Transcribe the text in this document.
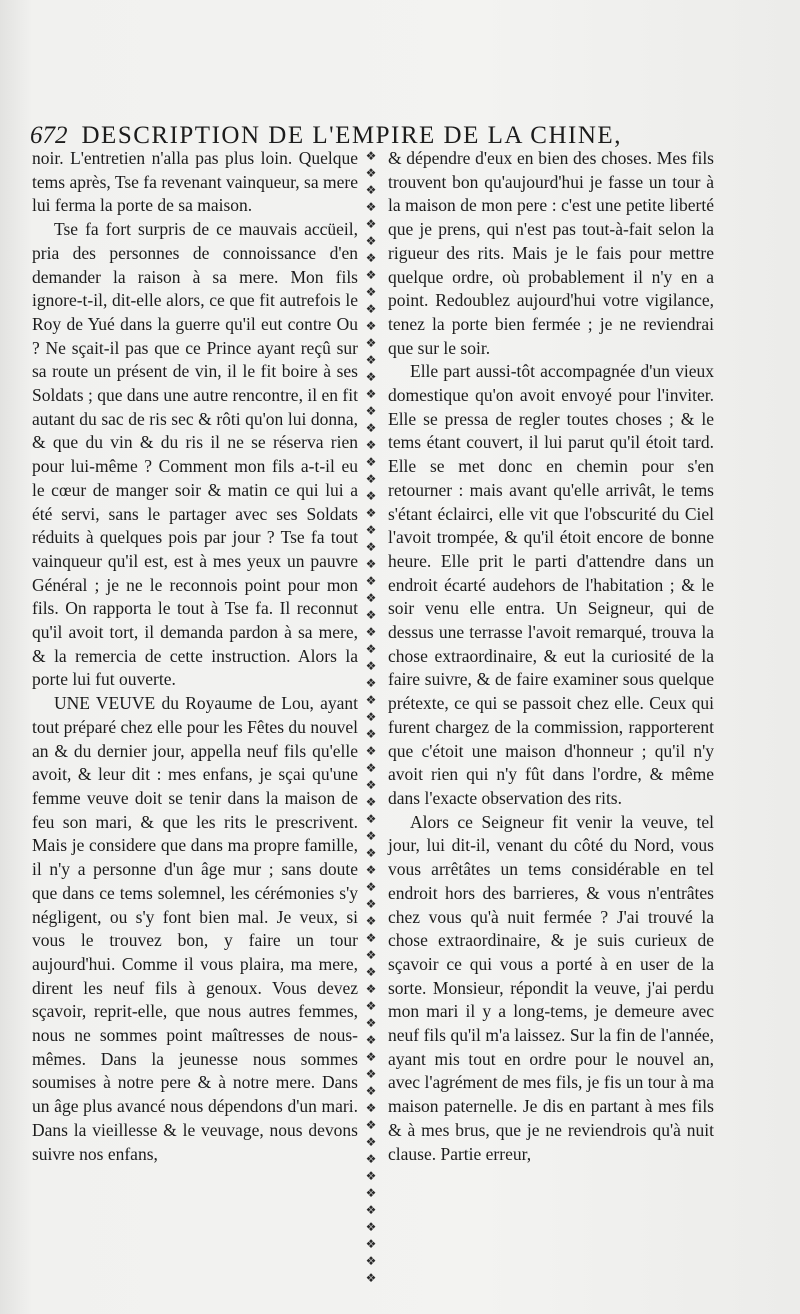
672 DESCRIPTION DE L'EMPIRE DE LA CHINE,

noir. L'entretien n'alla pas plus loin. Quelque tems après, Tse fa revenant vainqueur, sa mere lui ferma la porte de sa maison.

Tse fa fort surpris de ce mauvais accüeil, pria des personnes de connoissance d'en demander la raison à sa mere. Mon fils ignore-t-il, dit-elle alors, ce que fit autrefois le Roy de Yué dans la guerre qu'il eut contre Ou ? Ne sçait-il pas que ce Prince ayant reçû sur sa route un présent de vin, il le fit boire à ses Soldats ; que dans une autre rencontre, il en fit autant du sac de ris sec & rôti qu'on lui donna, & que du vin & du ris il ne se réserva rien pour lui-même ? Comment mon fils a-t-il eu le cœur de manger soir & matin ce qui lui a été servi, sans le partager avec ses Soldats réduits à quelques pois par jour ? Tse fa tout vainqueur qu'il est, est à mes yeux un pauvre Général ; je ne le reconnois point pour mon fils. On rapporta le tout à Tse fa. Il reconnut qu'il avoit tort, il demanda pardon à sa mere, & la remercia de cette instruction. Alors la porte lui fut ouverte.

UNE VEUVE du Royaume de Lou, ayant tout préparé chez elle pour les Fêtes du nouvel an & du dernier jour, appella neuf fils qu'elle avoit, & leur dit : mes enfans, je sçai qu'une femme veuve doit se tenir dans la maison de feu son mari, & que les rits le prescrivent. Mais je considere que dans ma propre famille, il n'y a personne d'un âge mur ; sans doute que dans ce tems solemnel, les cérémonies s'y négligent, ou s'y font bien mal. Je veux, si vous le trouvez bon, y faire un tour aujourd'hui. Comme il vous plaira, ma mere, dirent les neuf fils à genoux. Vous devez sçavoir, reprit-elle, que nous autres femmes, nous ne sommes point maîtresses de nous-mêmes. Dans la jeunesse nous sommes soumises à notre pere & à notre mere. Dans un âge plus avancé nous dépendons d'un mari. Dans la vieillesse & le veuvage, nous devons suivre nos enfans,

❖
❖
❖
❖
❖
❖
❖
❖
❖
❖
❖
❖
❖
❖
❖
❖
❖
❖
❖
❖
❖
❖
❖
❖
❖
❖
❖
❖
❖
❖
❖
❖
❖
❖
❖
❖
❖
❖
❖
❖
❖
❖
❖
❖
❖
❖
❖
❖
❖
❖
❖
❖
❖
❖
❖
❖
❖
❖
❖
❖
❖
❖
❖
❖
❖
❖
❖

& dépendre d'eux en bien des choses. Mes fils trouvent bon qu'aujourd'hui je fasse un tour à la maison de mon pere : c'est une petite liberté que je prens, qui n'est pas tout-à-fait selon la rigueur des rits. Mais je le fais pour mettre quelque ordre, où probablement il n'y en a point. Redoublez aujourd'hui votre vigilance, tenez la porte bien fermée ; je ne reviendrai que sur le soir.

Elle part aussi-tôt accompagnée d'un vieux domestique qu'on avoit envoyé pour l'inviter. Elle se pressa de regler toutes choses ; & le tems étant couvert, il lui parut qu'il étoit tard. Elle se met donc en chemin pour s'en retourner : mais avant qu'elle arrivât, le tems s'étant éclairci, elle vit que l'obscurité du Ciel l'avoit trompée, & qu'il étoit encore de bonne heure. Elle prit le parti d'attendre dans un endroit écarté audehors de l'habitation ; & le soir venu elle entra. Un Seigneur, qui de dessus une terrasse l'avoit remarqué, trouva la chose extraordinaire, & eut la curiosité de la faire suivre, & de faire examiner sous quelque prétexte, ce qui se passoit chez elle. Ceux qui furent chargez de la commission, rapporterent que c'étoit une maison d'honneur ; qu'il n'y avoit rien qui n'y fût dans l'ordre, & même dans l'exacte observation des rits.

Alors ce Seigneur fit venir la veuve, tel jour, lui dit-il, venant du côté du Nord, vous vous arrêtâtes un tems considérable en tel endroit hors des barrieres, & vous n'entrâtes chez vous qu'à nuit fermée ? J'ai trouvé la chose extraordinaire, & je suis curieux de sçavoir ce qui vous a porté à en user de la sorte. Monsieur, répondit la veuve, j'ai perdu mon mari il y a long-tems, je demeure avec neuf fils qu'il m'a laissez. Sur la fin de l'année, ayant mis tout en ordre pour le nouvel an, avec l'agrément de mes fils, je fis un tour à ma maison paternelle. Je dis en partant à mes fils & à mes brus, que je ne reviendrois qu'à nuit clause. Partie erreur,
